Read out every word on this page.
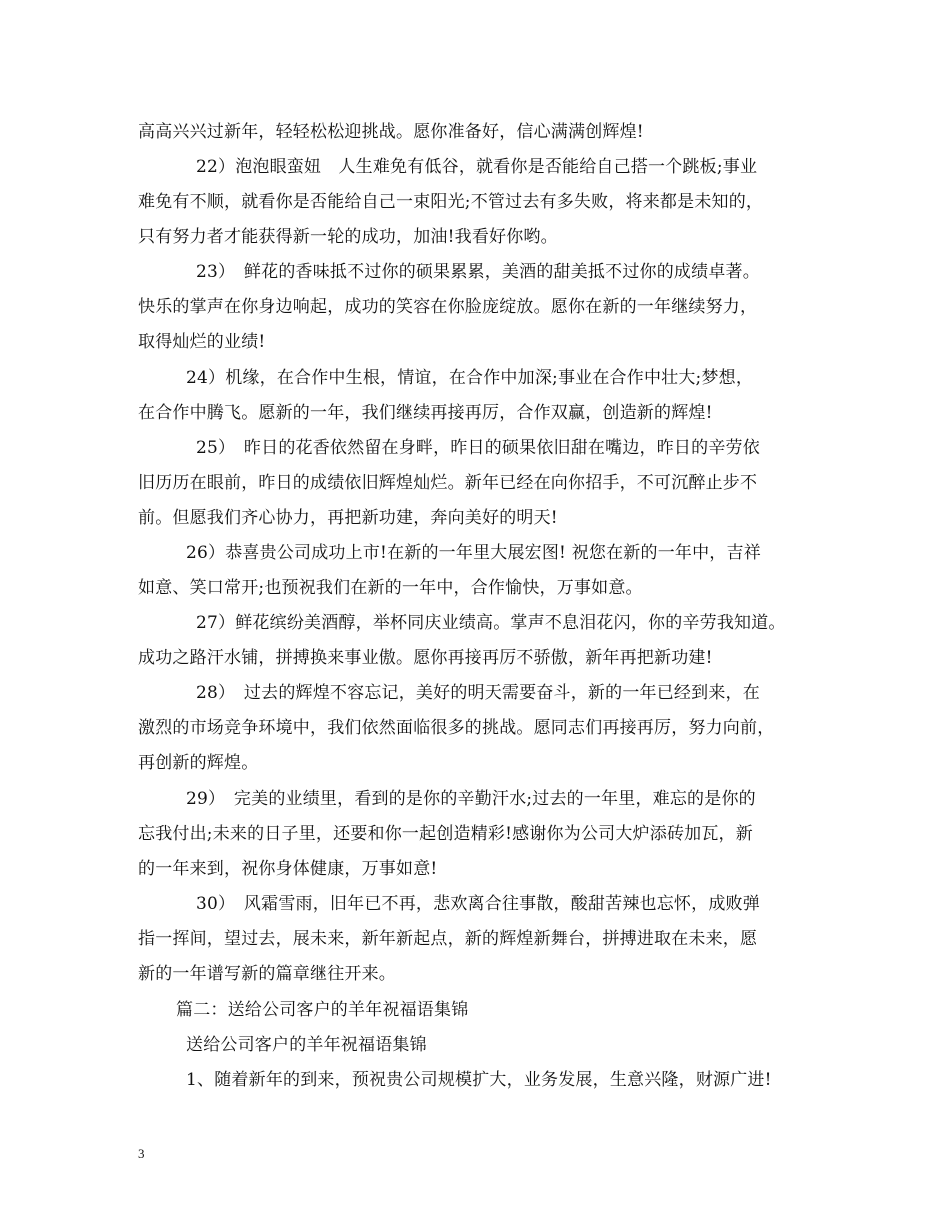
高高兴兴过新年，轻轻松松迎挑战。愿你准备好，信心满满创辉煌!
22）泡泡眼蛮妞　人生难免有低谷，就看你是否能给自己搭一个跳板;事业
难免有不顺，就看你是否能给自己一束阳光;不管过去有多失败，将来都是未知的，
只有努力者才能获得新一轮的成功，加油!我看好你哟。
23）　鲜花的香味抵不过你的硕果累累，美酒的甜美抵不过你的成绩卓著。
快乐的掌声在你身边响起，成功的笑容在你脸庞绽放。愿你在新的一年继续努力，
取得灿烂的业绩!
24）机缘，在合作中生根，情谊，在合作中加深;事业在合作中壮大;梦想，
在合作中腾飞。愿新的一年，我们继续再接再厉，合作双赢，创造新的辉煌!
25）　昨日的花香依然留在身畔，昨日的硕果依旧甜在嘴边，昨日的辛劳依
旧历历在眼前，昨日的成绩依旧辉煌灿烂。新年已经在向你招手，不可沉醉止步不
前。但愿我们齐心协力，再把新功建，奔向美好的明天!
26）恭喜贵公司成功上市!在新的一年里大展宏图! 祝您在新的一年中，吉祥
如意、笑口常开;也预祝我们在新的一年中，合作愉快，万事如意。
27）鲜花缤纷美酒醇，举杯同庆业绩高。掌声不息泪花闪，你的辛劳我知道。
成功之路汗水铺，拼搏换来事业傲。愿你再接再厉不骄傲，新年再把新功建!
28）　过去的辉煌不容忘记，美好的明天需要奋斗，新的一年已经到来，在
激烈的市场竞争环境中，我们依然面临很多的挑战。愿同志们再接再厉，努力向前，
再创新的辉煌。
29）　完美的业绩里，看到的是你的辛勤汗水;过去的一年里，难忘的是你的
忘我付出;未来的日子里，还要和你一起创造精彩!感谢你为公司大炉添砖加瓦，新
的一年来到，祝你身体健康，万事如意!
30）　风霜雪雨，旧年已不再，悲欢离合往事散，酸甜苦辣也忘怀，成败弹
指一挥间，望过去，展未来，新年新起点，新的辉煌新舞台，拼搏进取在未来，愿
新的一年谱写新的篇章继往开来。
篇二：送给公司客户的羊年祝福语集锦
送给公司客户的羊年祝福语集锦
1、随着新年的到来，预祝贵公司规模扩大，业务发展，生意兴隆，财源广进!
3
